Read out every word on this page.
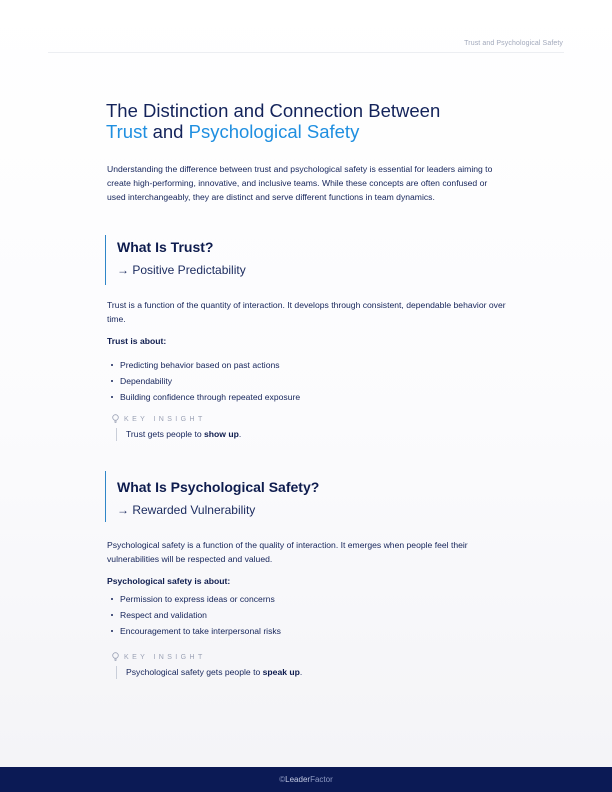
Trust and Psychological Safety
The Distinction and Connection Between
Trust and Psychological Safety

Understanding the difference between trust and psychological safety is essential for leaders aiming to create high-performing, innovative, and inclusive teams. While these concepts are often confused or used interchangeably, they are distinct and serve different functions in team dynamics.

What Is Trust?
→ Positive Predictability

Trust is a function of the quantity of interaction. It develops through consistent, dependable behavior over time.

Trust is about:
Predicting behavior based on past actions
Dependability
Building confidence through repeated exposure
KEY INSIGHT
Trust gets people to show up.
What Is Psychological Safety?
→ Rewarded Vulnerability

Psychological safety is a function of the quality of interaction. It emerges when people feel their vulnerabilities will be respected and valued.

Psychological safety is about:
Permission to express ideas or concerns
Respect and validation
Encouragement to take interpersonal risks
KEY INSIGHT
Psychological safety gets people to speak up.
©LeaderFactor
